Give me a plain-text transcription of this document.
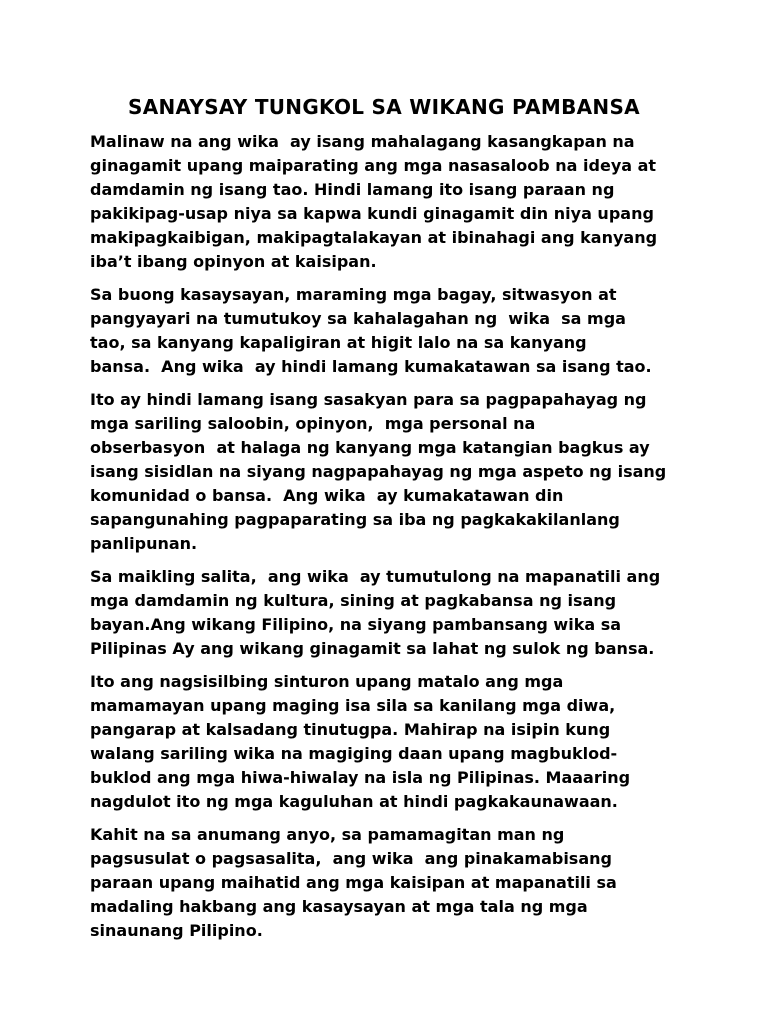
SANAYSAY TUNGKOL SA WIKANG PAMBANSA

Malinaw na ang wika  ay isang mahalagang kasangkapan na
ginagamit upang maiparating ang mga nasasaloob na ideya at
damdamin ng isang tao. Hindi lamang ito isang paraan ng
pakikipag-usap niya sa kapwa kundi ginagamit din niya upang
makipagkaibigan, makipagtalakayan at ibinahagi ang kanyang
iba’t ibang opinyon at kaisipan.

Sa buong kasaysayan, maraming mga bagay, sitwasyon at
pangyayari na tumutukoy sa kahalagahan ng  wika  sa mga
tao, sa kanyang kapaligiran at higit lalo na sa kanyang
bansa.  Ang wika  ay hindi lamang kumakatawan sa isang tao.

Ito ay hindi lamang isang sasakyan para sa pagpapahayag ng
mga sariling saloobin, opinyon,  mga personal na
obserbasyon  at halaga ng kanyang mga katangian bagkus ay
isang sisidlan na siyang nagpapahayag ng mga aspeto ng isang
komunidad o bansa.  Ang wika  ay kumakatawan din
sapangunahing pagpaparating sa iba ng pagkakakilanlang
panlipunan.

Sa maikling salita,  ang wika  ay tumutulong na mapanatili ang
mga damdamin ng kultura, sining at pagkabansa ng isang
bayan.Ang wikang Filipino, na siyang pambansang wika sa
Pilipinas Ay ang wikang ginagamit sa lahat ng sulok ng bansa.

Ito ang nagsisilbing sinturon upang matalo ang mga
mamamayan upang maging isa sila sa kanilang mga diwa,
pangarap at kalsadang tinutugpa. Mahirap na isipin kung
walang sariling wika na magiging daan upang magbuklod-
buklod ang mga hiwa-hiwalay na isla ng Pilipinas. Maaaring
nagdulot ito ng mga kaguluhan at hindi pagkakaunawaan.

Kahit na sa anumang anyo, sa pamamagitan man ng
pagsusulat o pagsasalita,  ang wika  ang pinakamabisang
paraan upang maihatid ang mga kaisipan at mapanatili sa
madaling hakbang ang kasaysayan at mga tala ng mga
sinaunang Pilipino.
